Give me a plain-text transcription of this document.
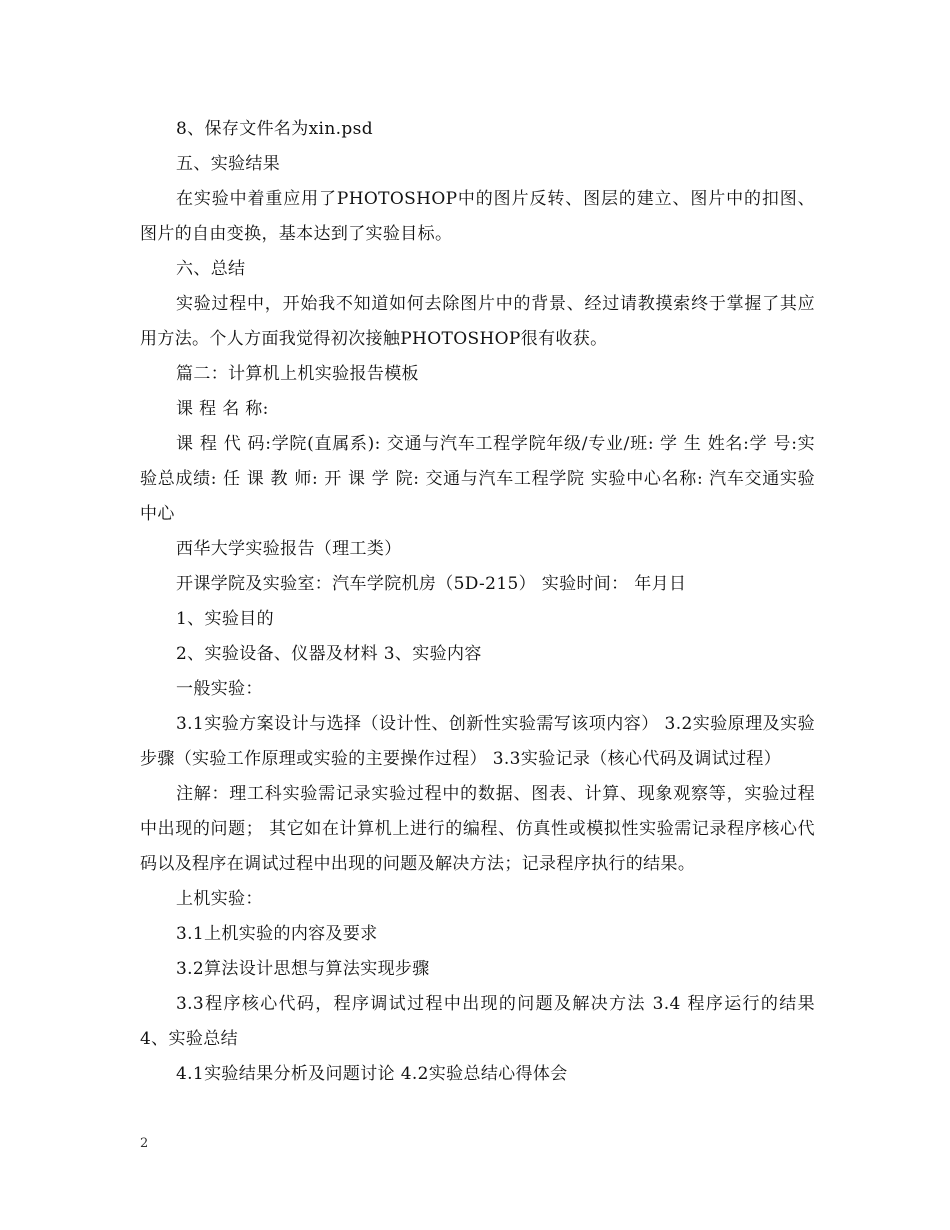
8、保存文件名为xin.psd

五、实验结果

在实验中着重应用了PHOTOSHOP中的图片反转、图层的建立、图片中的扣图、图片的自由变换，基本达到了实验目标。

六、总结

实验过程中，开始我不知道如何去除图片中的背景、经过请教摸索终于掌握了其应用方法。个人方面我觉得初次接触PHOTOSHOP很有收获。

篇二：计算机上机实验报告模板

课 程 名 称:

课 程 代 码:学院(直属系): 交通与汽车工程学院年级/专业/班: 学 生 姓名:学 号:实验总成绩: 任 课 教 师: 开 课 学 院: 交通与汽车工程学院 实验中心名称: 汽车交通实验中心

西华大学实验报告（理工类）

开课学院及实验室：汽车学院机房（5D-215） 实验时间： 年月日

1、实验目的

2、实验设备、仪器及材料 3、实验内容

一般实验：

3.1实验方案设计与选择（设计性、创新性实验需写该项内容） 3.2实验原理及实验步骤（实验工作原理或实验的主要操作过程） 3.3实验记录（核心代码及调试过程）

注解：理工科实验需记录实验过程中的数据、图表、计算、现象观察等，实验过程中出现的问题； 其它如在计算机上进行的编程、仿真性或模拟性实验需记录程序核心代码以及程序在调试过程中出现的问题及解决方法；记录程序执行的结果。

上机实验：

3.1上机实验的内容及要求

3.2算法设计思想与算法实现步骤

3.3程序核心代码，程序调试过程中出现的问题及解决方法 3.4 程序运行的结果 4、实验总结

4.1实验结果分析及问题讨论 4.2实验总结心得体会

2
